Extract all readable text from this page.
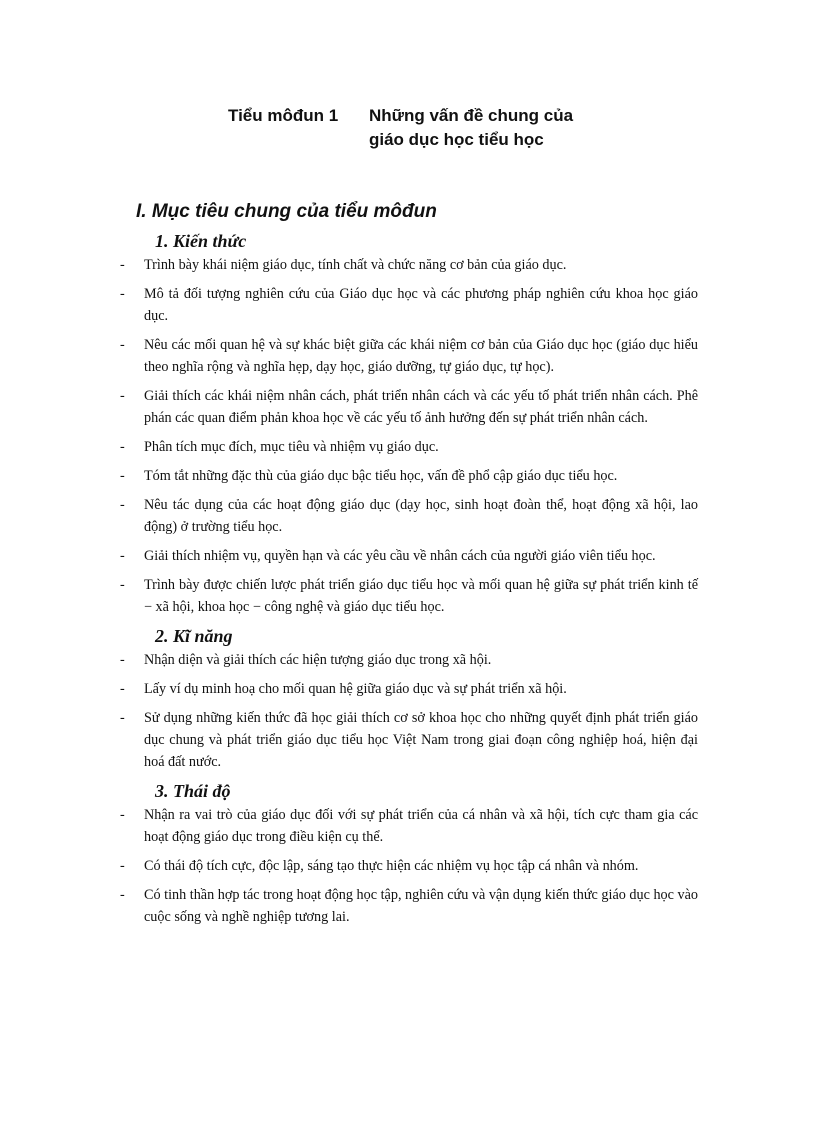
Tiểu môđun 1 Những vấn đề chung của
giáo dục học tiểu học
I. Mục tiêu chung của tiểu môđun
1. Kiến thức
- Trình bày khái niệm giáo dục, tính chất và chức năng cơ bản của giáo dục.
- Mô tả đối tượng nghiên cứu của Giáo dục học và các phương pháp nghiên cứu khoa học giáo dục.
- Nêu các mối quan hệ và sự khác biệt giữa các khái niệm cơ bản của Giáo dục học (giáo dục hiểu theo nghĩa rộng và nghĩa hẹp, dạy học, giáo dưỡng, tự giáo dục, tự học).
- Giải thích các khái niệm nhân cách, phát triển nhân cách và các yếu tố phát triển nhân cách. Phê phán các quan điểm phản khoa học về các yếu tố ảnh hưởng đến sự phát triển nhân cách.
- Phân tích mục đích, mục tiêu và nhiệm vụ giáo dục.
- Tóm tắt những đặc thù của giáo dục bậc tiểu học, vấn đề phổ cập giáo dục tiểu học.
- Nêu tác dụng của các hoạt động giáo dục (dạy học, sinh hoạt đoàn thể, hoạt động xã hội, lao động) ở trường tiểu học.
- Giải thích nhiệm vụ, quyền hạn và các yêu cầu về nhân cách của người giáo viên tiểu học.
- Trình bày được chiến lược phát triển giáo dục tiểu học và mối quan hệ giữa sự phát triển kinh tế − xã hội, khoa học − công nghệ và giáo dục tiểu học.
2. Kĩ năng
- Nhận diện và giải thích các hiện tượng giáo dục trong xã hội.
- Lấy ví dụ minh hoạ cho mối quan hệ giữa giáo dục và sự phát triển xã hội.
- Sử dụng những kiến thức đã học giải thích cơ sở khoa học cho những quyết định phát triển giáo dục chung và phát triển giáo dục tiểu học Việt Nam trong giai đoạn công nghiệp hoá, hiện đại hoá đất nước.
3. Thái độ
- Nhận ra vai trò của giáo dục đối với sự phát triển của cá nhân và xã hội, tích cực tham gia các hoạt động giáo dục trong điều kiện cụ thể.
- Có thái độ tích cực, độc lập, sáng tạo thực hiện các nhiệm vụ học tập cá nhân và nhóm.
- Có tinh thần hợp tác trong hoạt động học tập, nghiên cứu và vận dụng kiến thức giáo dục học vào cuộc sống và nghề nghiệp tương lai.
